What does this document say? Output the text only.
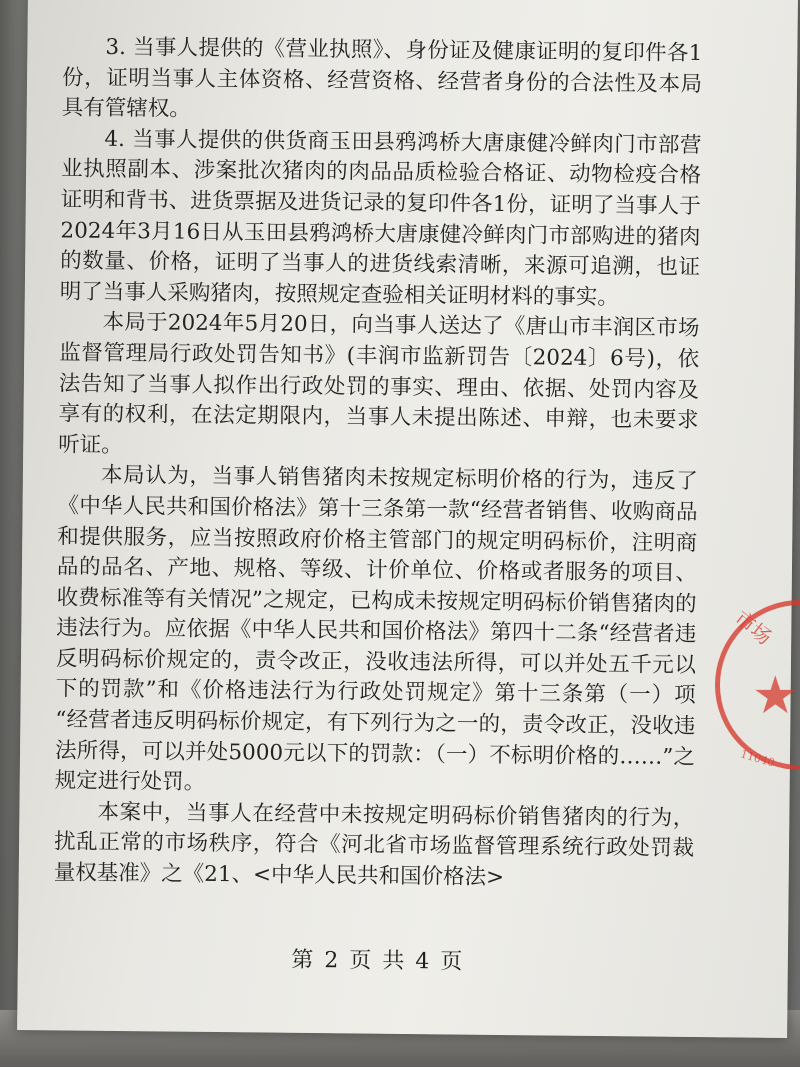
3. 当事人提供的《营业执照》、身份证及健康证明的复印件各1份，证明当事人主体资格、经营资格、经营者身份的合法性及本局具有管辖权。

4. 当事人提供的供货商玉田县鸦鸿桥大唐康健冷鲜肉门市部营业执照副本、涉案批次猪肉的肉品品质检验合格证、动物检疫合格证明和背书、进货票据及进货记录的复印件各1份，证明了当事人于2024年3月16日从玉田县鸦鸿桥大唐康健冷鲜肉门市部购进的猪肉的数量、价格，证明了当事人的进货线索清晰，来源可追溯，也证明了当事人采购猪肉，按照规定查验相关证明材料的事实。

本局于2024年5月20日，向当事人送达了《唐山市丰润区市场监督管理局行政处罚告知书》(丰润市监新罚告〔2024〕6号)，依法告知了当事人拟作出行政处罚的事实、理由、依据、处罚内容及享有的权利，在法定期限内，当事人未提出陈述、申辩，也未要求听证。

本局认为，当事人销售猪肉未按规定标明价格的行为，违反了《中华人民共和国价格法》第十三条第一款“经营者销售、收购商品和提供服务，应当按照政府价格主管部门的规定明码标价，注明商品的品名、产地、规格、等级、计价单位、价格或者服务的项目、收费标准等有关情况”之规定，已构成未按规定明码标价销售猪肉的违法行为。应依据《中华人民共和国价格法》第四十二条“经营者违反明码标价规定的，责令改正，没收违法所得，可以并处五千元以下的罚款”和《价格违法行为行政处罚规定》第十三条第（一）项 “经营者违反明码标价规定，有下列行为之一的，责令改正，没收违法所得，可以并处5000元以下的罚款：（一）不标明价格的……”之规定进行处罚。

本案中，当事人在经营中未按规定明码标价销售猪肉的行为，扰乱正常的市场秩序，符合《河北省市场监督管理系统行政处罚裁量权基准》之《21、<中华人民共和国价格法>

第 2 页 共 4 页
市场
★
11040
